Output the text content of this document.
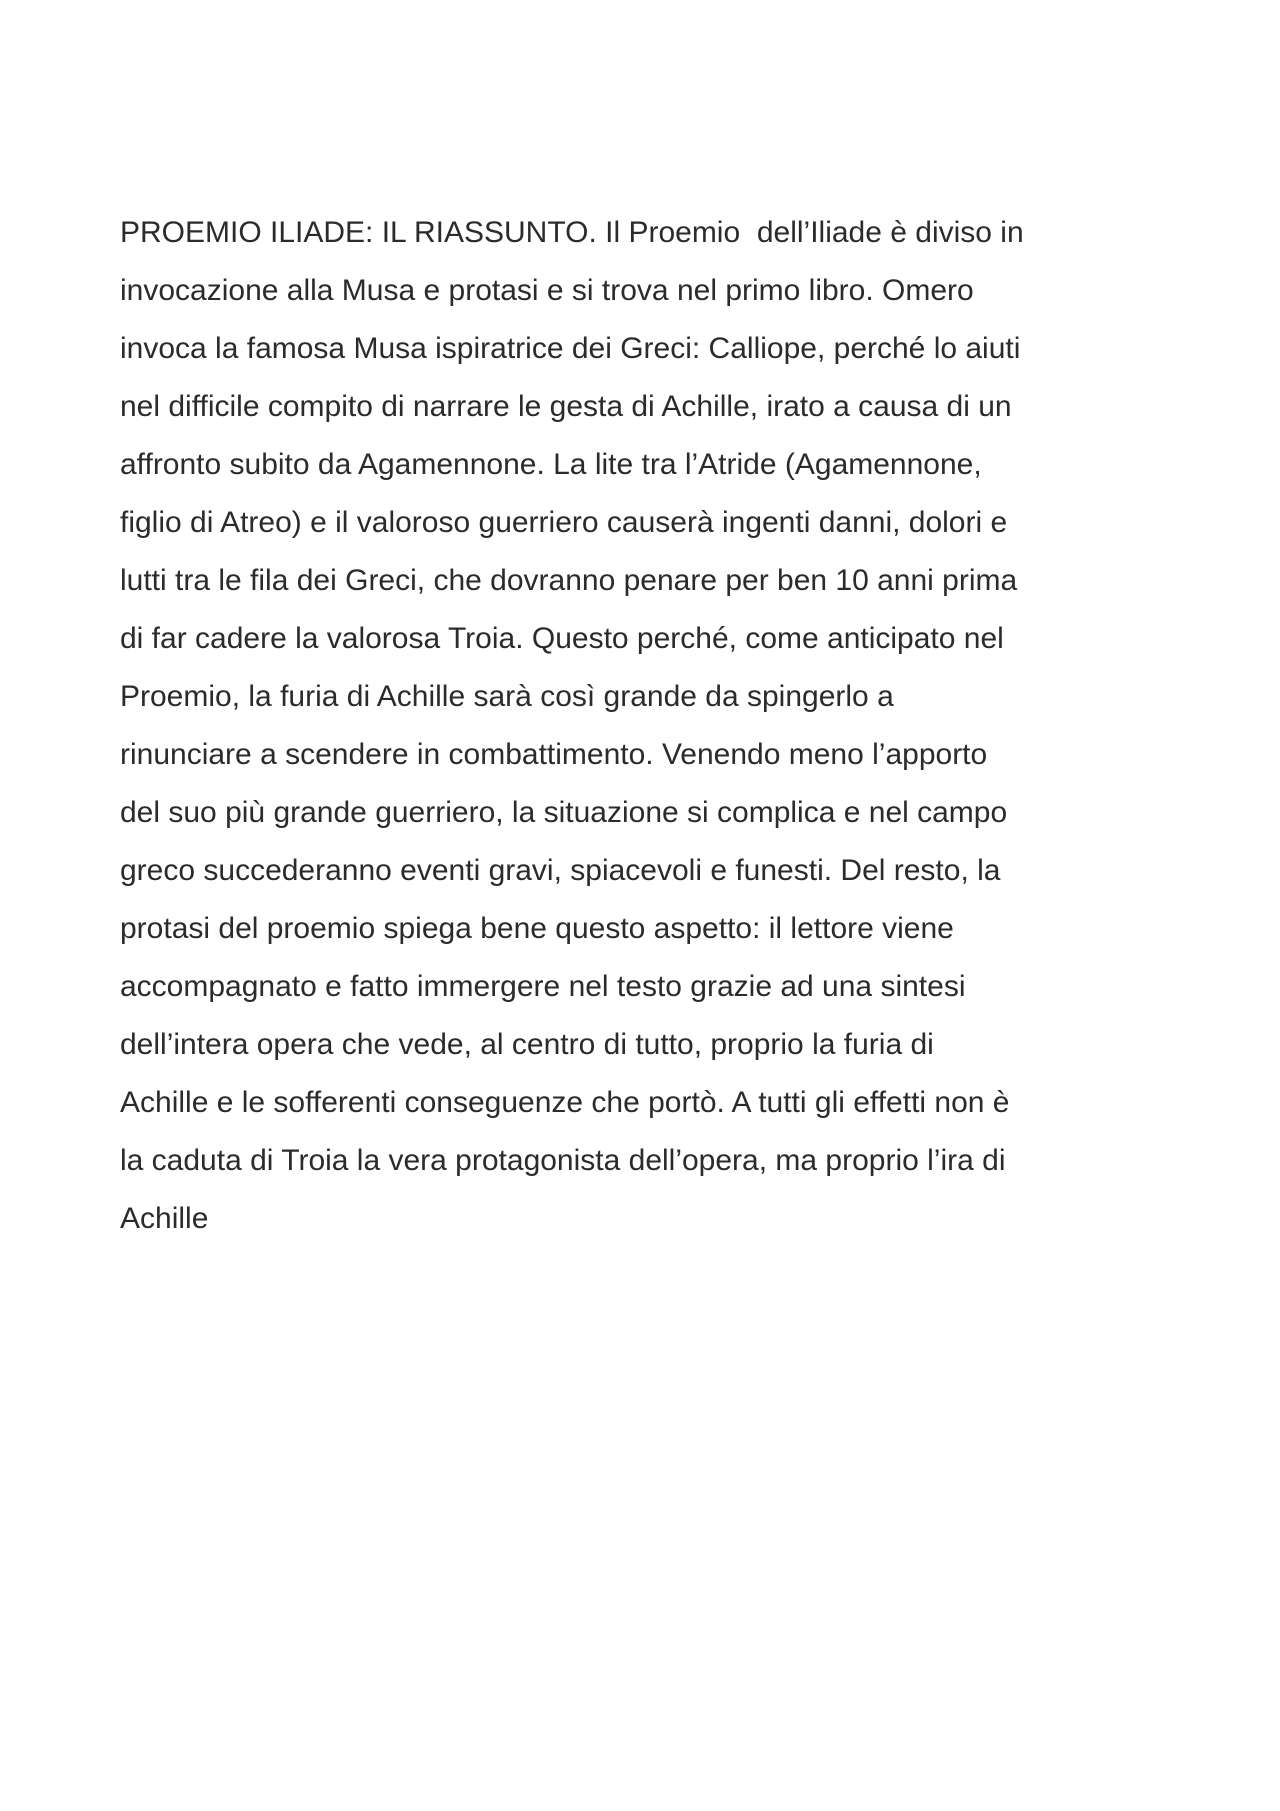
PROEMIO ILIADE: IL RIASSUNTO. Il Proemio  dell’Iliade è diviso in
invocazione alla Musa e protasi e si trova nel primo libro. Omero
invoca la famosa Musa ispiratrice dei Greci: Calliope, perché lo aiuti
nel difficile compito di narrare le gesta di Achille, irato a causa di un
affronto subito da Agamennone. La lite tra l’Atride (Agamennone,
figlio di Atreo) e il valoroso guerriero causerà ingenti danni, dolori e
lutti tra le fila dei Greci, che dovranno penare per ben 10 anni prima
di far cadere la valorosa Troia. Questo perché, come anticipato nel
Proemio, la furia di Achille sarà così grande da spingerlo a
rinunciare a scendere in combattimento. Venendo meno l’apporto
del suo più grande guerriero, la situazione si complica e nel campo
greco succederanno eventi gravi, spiacevoli e funesti. Del resto, la
protasi del proemio spiega bene questo aspetto: il lettore viene
accompagnato e fatto immergere nel testo grazie ad una sintesi
dell’intera opera che vede, al centro di tutto, proprio la furia di
Achille e le sofferenti conseguenze che portò. A tutti gli effetti non è
la caduta di Troia la vera protagonista dell’opera, ma proprio l’ira di
Achille
